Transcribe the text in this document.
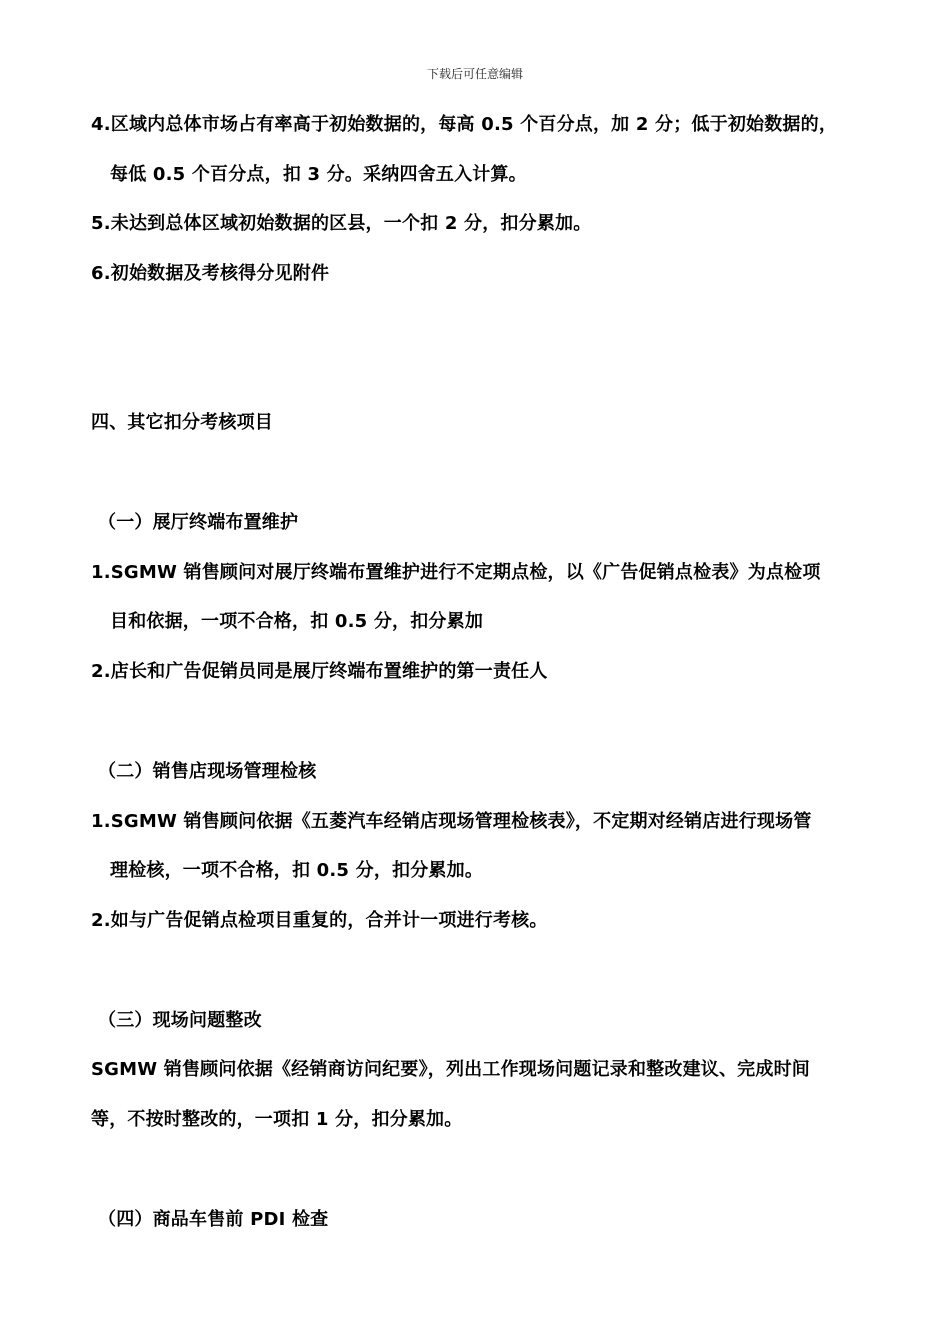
下载后可任意编辑
4.区域内总体市场占有率高于初始数据的，每高 0.5 个百分点，加 2 分；低于初始数据的，
每低 0.5 个百分点，扣 3 分。采纳四舍五入计算。
5.未达到总体区域初始数据的区县，一个扣 2 分，扣分累加。
6.初始数据及考核得分见附件
四、其它扣分考核项目
（一）展厅终端布置维护
1.SGMW 销售顾问对展厅终端布置维护进行不定期点检，以《广告促销点检表》为点检项
目和依据，一项不合格，扣 0.5 分，扣分累加
2.店长和广告促销员同是展厅终端布置维护的第一责任人
（二）销售店现场管理检核
1.SGMW 销售顾问依据《五菱汽车经销店现场管理检核表》，不定期对经销店进行现场管
理检核，一项不合格，扣 0.5 分，扣分累加。
2.如与广告促销点检项目重复的，合并计一项进行考核。
（三）现场问题整改
SGMW 销售顾问依据《经销商访问纪要》，列出工作现场问题记录和整改建议、完成时间
等，不按时整改的，一项扣 1 分，扣分累加。
（四）商品车售前 PDI 检查
